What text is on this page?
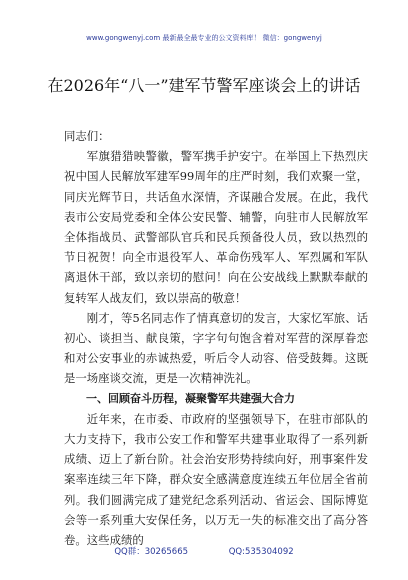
www.gongwenyj.com 最新最全最专业的公文资料库！ 微信：gongwenyj
在2026年“八一”建军节警军座谈会上的讲话

同志们：

军旗猎猎映警徽，警军携手护安宁。在举国上下热烈庆祝中国人民解放军建军99周年的庄严时刻，我们欢聚一堂，同庆光辉节日，共话鱼水深情，齐谋融合发展。在此，我代表市公安局党委和全体公安民警、辅警，向驻市人民解放军全体指战员、武警部队官兵和民兵预备役人员，致以热烈的节日祝贺！向全市退役军人、革命伤残军人、军烈属和军队离退休干部，致以亲切的慰问！向在公安战线上默默奉献的复转军人战友们，致以崇高的敬意！

刚才，等5名同志作了情真意切的发言，大家忆军旅、话初心、谈担当、献良策，字字句句饱含着对军营的深厚眷恋和对公安事业的赤诚热爱，听后令人动容、倍受鼓舞。这既是一场座谈交流，更是一次精神洗礼。

一、回顾奋斗历程，凝聚警军共建强大合力

近年来，在市委、市政府的坚强领导下，在驻市部队的大力支持下，我市公安工作和警军共建事业取得了一系列新成绩、迈上了新台阶。社会治安形势持续向好，刑事案件发案率连续三年下降，群众安全感满意度连续五年位居全省前列。我们圆满完成了建党纪念系列活动、省运会、国际博览会等一系列重大安保任务，以万无一失的标准交出了高分答卷。这些成绩的

QQ群：30265665	QQ:535304092
